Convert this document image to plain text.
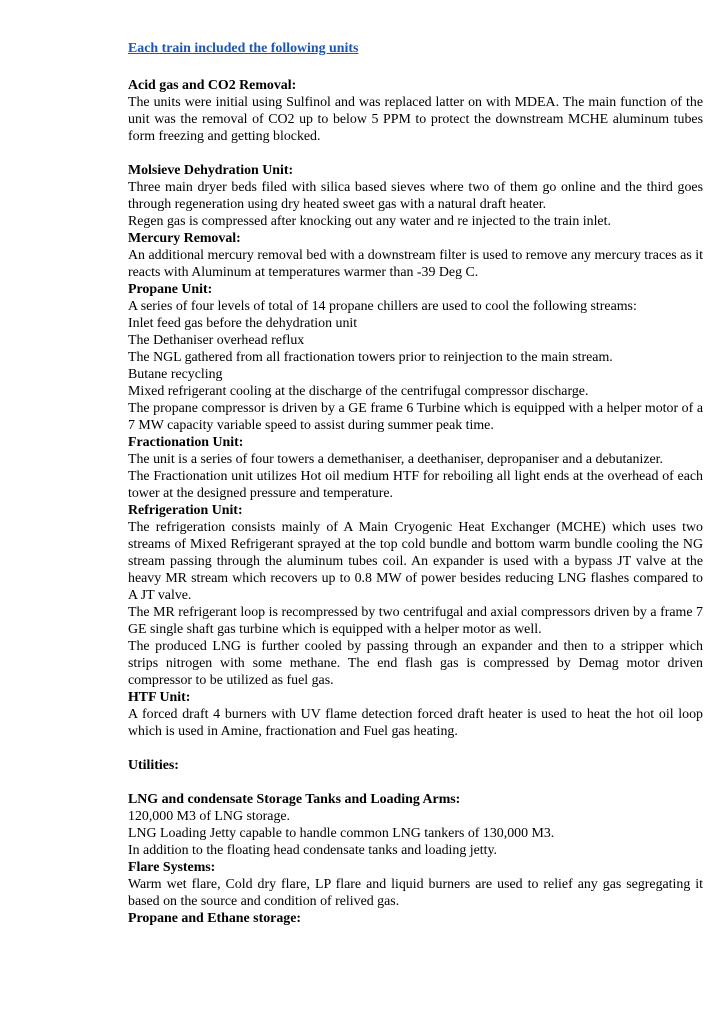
Each train included the following units

Acid gas and CO2 Removal:

The units were initial using Sulfinol and was replaced latter on with MDEA. The main function of the unit was the removal of CO2 up to below 5 PPM to protect the downstream MCHE aluminum tubes form freezing and getting blocked.

Molsieve Dehydration Unit:

Three main dryer beds filed with silica based sieves where two of them go online and the third goes through regeneration using dry heated sweet gas with a natural draft heater.

Regen gas is compressed after knocking out any water and re injected to the train inlet.

Mercury Removal:

An additional mercury removal bed with a downstream filter is used to remove any mercury traces as it reacts with Aluminum at temperatures warmer than -39 Deg C.

Propane Unit:

A series of four levels of total of 14 propane chillers are used to cool the following streams:

Inlet feed gas before the dehydration unit

The Dethaniser overhead reflux

The NGL gathered from all fractionation towers prior to reinjection to the main stream.

Butane recycling

Mixed refrigerant cooling at the discharge of the centrifugal compressor discharge.

The propane compressor is driven by a GE frame 6 Turbine which is equipped with a helper motor of a 7 MW capacity variable speed to assist during summer peak time.

Fractionation Unit:

The unit is a series of four towers a demethaniser, a deethaniser, depropaniser and a debutanizer.

The Fractionation unit utilizes Hot oil medium HTF for reboiling all light ends at the overhead of each tower at the designed pressure and temperature.

Refrigeration Unit:

The refrigeration consists mainly of A Main Cryogenic Heat Exchanger (MCHE) which uses two streams of Mixed Refrigerant sprayed at the top cold bundle and bottom warm bundle cooling the NG stream passing through the aluminum tubes coil. An expander is used with a bypass JT valve at the heavy MR stream which recovers up to 0.8 MW of power besides reducing LNG flashes compared to A JT valve.

The MR refrigerant loop is recompressed by two centrifugal and axial compressors driven by a frame 7 GE single shaft gas turbine which is equipped with a helper motor as well.

The produced LNG is further cooled by passing through an expander and then to a stripper which strips nitrogen with some methane. The end flash gas is compressed by Demag motor driven compressor to be utilized as fuel gas.

HTF Unit:

A forced draft 4 burners with UV flame detection forced draft heater is used to heat the hot oil loop which is used in Amine, fractionation and Fuel gas heating.

Utilities:

LNG and condensate Storage Tanks and Loading Arms:

120,000 M3 of LNG storage.

LNG Loading Jetty capable to handle common LNG tankers of 130,000 M3.

In addition to the floating head condensate tanks and loading jetty.

Flare Systems:

Warm wet flare, Cold dry flare, LP flare and liquid burners are used to relief any gas segregating it based on the source and condition of relived gas.

Propane and Ethane storage:
